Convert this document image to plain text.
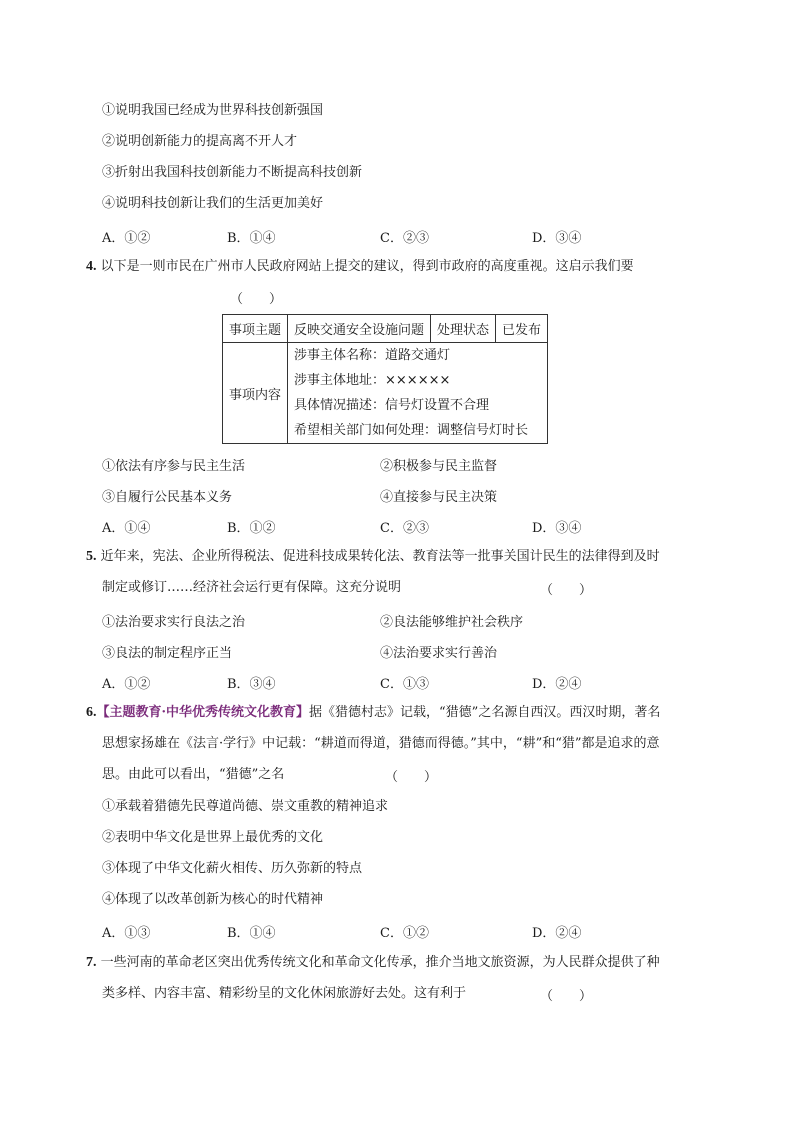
①说明我国已经成为世界科技创新强国
②说明创新能力的提高离不开人才
③折射出我国科技创新能力不断提高科技创新
④说明科技创新让我们的生活更加美好
A．①②	B．①④	C．②③	D．③④
4. 以下是一则市民在广州市人民政府网站上提交的建议，得到市政府的高度重视。这启示我们要
（　　）
事项主题	反映交通安全设施问题	处理状态	已发布
事项内容	涉事主体名称：道路交通灯
涉事主体地址：××××××
具体情况描述：信号灯设置不合理
希望相关部门如何处理：调整信号灯时长		
①依法有序参与民主生活	②积极参与民主监督
③自履行公民基本义务	④直接参与民主决策
A．①④	B．①②	C．②③	D．③④
5. 近年来，宪法、企业所得税法、促进科技成果转化法、教育法等一批事关国计民生的法律得到及时
制定或修订……经济社会运行更有保障。这充分说明	（　　）
①法治要求实行良法之治	②良法能够维护社会秩序
③良法的制定程序正当	④法治要求实行善治
A．①②	B．③④	C．①③	D．②④
6.【主题教育·中华优秀传统文化教育】据《猎德村志》记载，“猎德”之名源自西汉。西汉时期，著名
思想家扬雄在《法言·学行》中记载：“耕道而得道，猎德而得德。”其中，“耕”和“猎”都是追求的意
思。由此可以看出，“猎德”之名	（　　）
①承载着猎德先民尊道尚德、崇文重教的精神追求
②表明中华文化是世界上最优秀的文化
③体现了中华文化薪火相传、历久弥新的特点
④体现了以改革创新为核心的时代精神
A．①③	B．①④	C．①②	D．②④
7. 一些河南的革命老区突出优秀传统文化和革命文化传承，推介当地文旅资源，为人民群众提供了种
类多样、内容丰富、精彩纷呈的文化休闲旅游好去处。这有利于	（　　）
